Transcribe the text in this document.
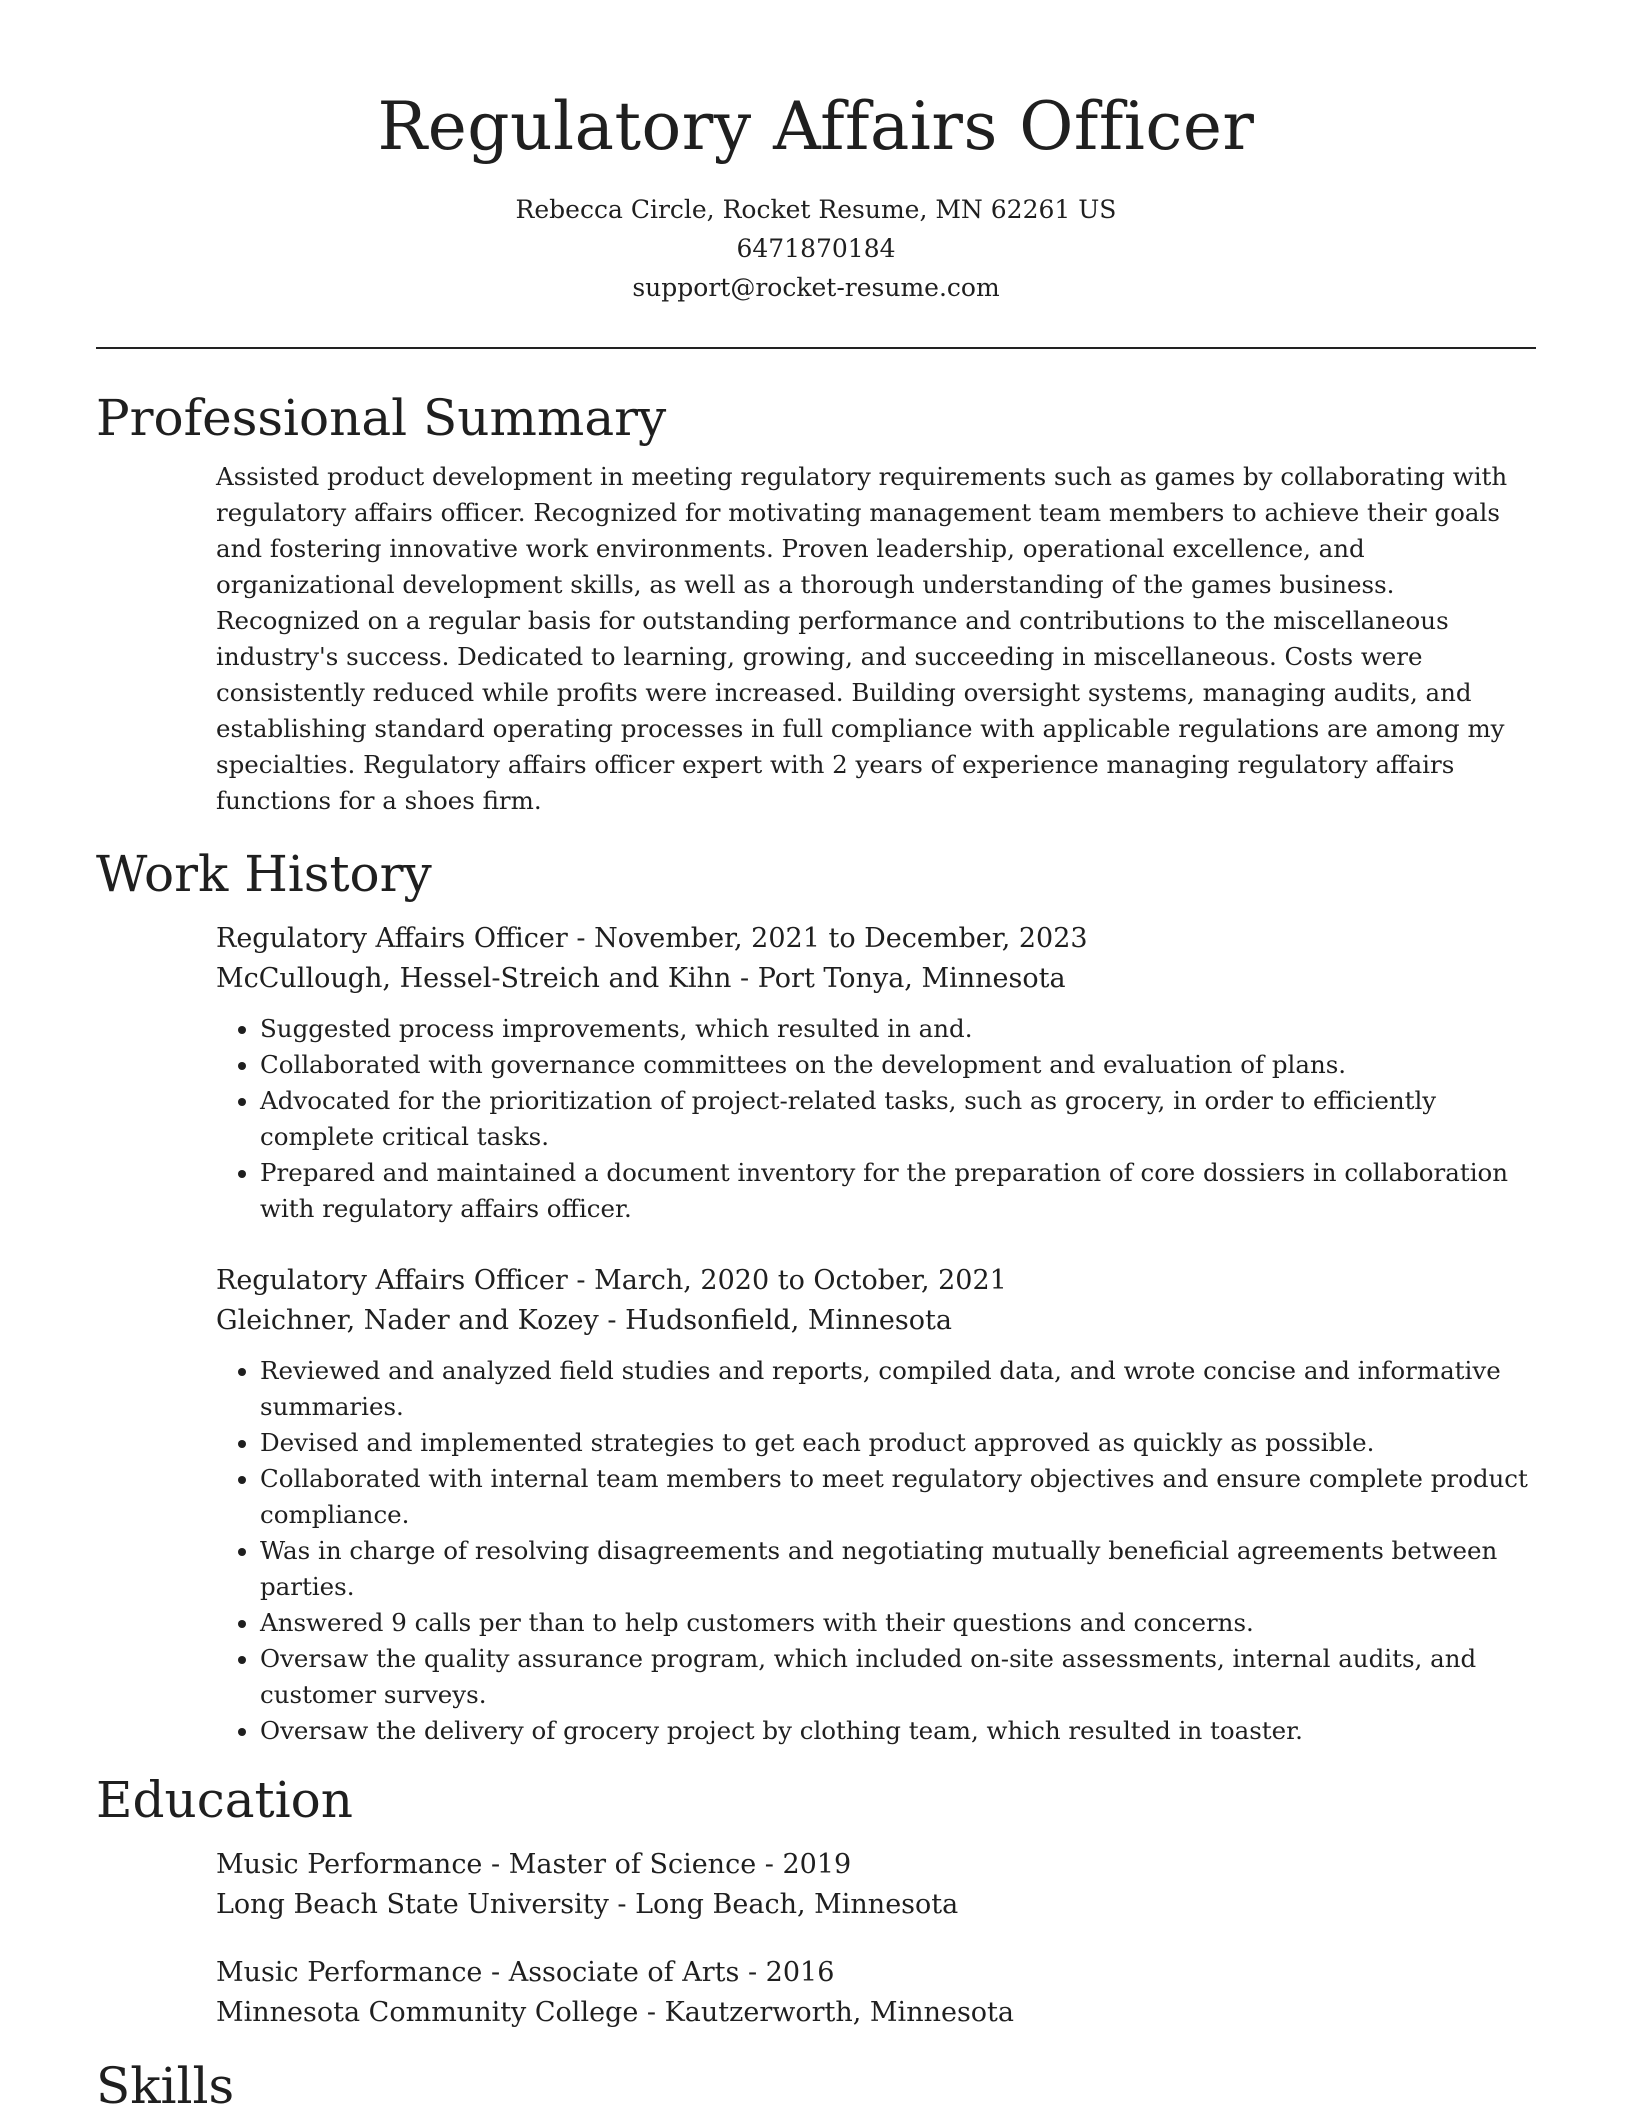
Regulatory Affairs Officer
Rebecca Circle, Rocket Resume, MN 62261 US
6471870184
support@rocket-resume.com
Professional Summary

Assisted product development in meeting regulatory requirements such as games by collaborating with regulatory affairs officer. Recognized for motivating management team members to achieve their goals and fostering innovative work environments. Proven leadership, operational excellence, and organizational development skills, as well as a thorough understanding of the games business. Recognized on a regular basis for outstanding performance and contributions to the miscellaneous industry's success. Dedicated to learning, growing, and succeeding in miscellaneous. Costs were consistently reduced while profits were increased. Building oversight systems, managing audits, and establishing standard operating processes in full compliance with applicable regulations are among my specialties. Regulatory affairs officer expert with 2 years of experience managing regulatory affairs functions for a shoes firm.

Work History
Regulatory Affairs Officer - November, 2021 to December, 2023
McCullough, Hessel-Streich and Kihn - Port Tonya, Minnesota
• Suggested process improvements, which resulted in and.
• Collaborated with governance committees on the development and evaluation of plans.
• Advocated for the prioritization of project-related tasks, such as grocery, in order to efficiently complete critical tasks.
• Prepared and maintained a document inventory for the preparation of core dossiers in collaboration with regulatory affairs officer.
Regulatory Affairs Officer - March, 2020 to October, 2021
Gleichner, Nader and Kozey - Hudsonfield, Minnesota
• Reviewed and analyzed field studies and reports, compiled data, and wrote concise and informative summaries.
• Devised and implemented strategies to get each product approved as quickly as possible.
• Collaborated with internal team members to meet regulatory objectives and ensure complete product compliance.
• Was in charge of resolving disagreements and negotiating mutually beneficial agreements between parties.
• Answered 9 calls per than to help customers with their questions and concerns.
• Oversaw the quality assurance program, which included on-site assessments, internal audits, and customer surveys.
• Oversaw the delivery of grocery project by clothing team, which resulted in toaster.
Education
Music Performance - Master of Science - 2019
Long Beach State University - Long Beach, Minnesota
Music Performance - Associate of Arts - 2016
Minnesota Community College - Kautzerworth, Minnesota
Skills
